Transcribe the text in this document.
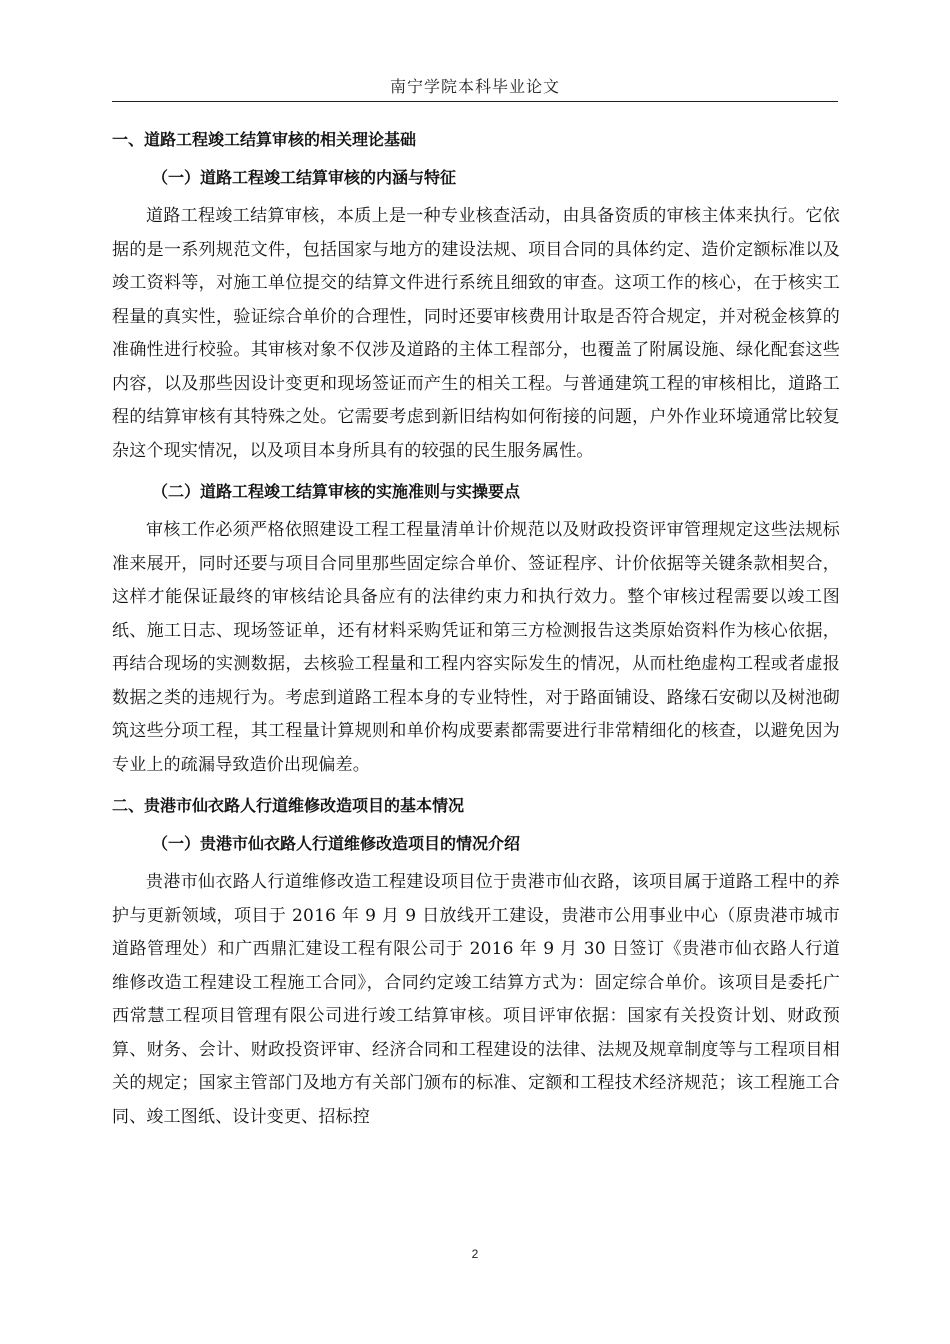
南宁学院本科毕业论文
一、道路工程竣工结算审核的相关理论基础
（一）道路工程竣工结算审核的内涵与特征

道路工程竣工结算审核，本质上是一种专业核查活动，由具备资质的审核主体来执行。它依据的是一系列规范文件，包括国家与地方的建设法规、项目合同的具体约定、造价定额标准以及竣工资料等，对施工单位提交的结算文件进行系统且细致的审查。这项工作的核心，在于核实工程量的真实性，验证综合单价的合理性，同时还要审核费用计取是否符合规定，并对税金核算的准确性进行校验。其审核对象不仅涉及道路的主体工程部分，也覆盖了附属设施、绿化配套这些内容，以及那些因设计变更和现场签证而产生的相关工程。与普通建筑工程的审核相比，道路工程的结算审核有其特殊之处。它需要考虑到新旧结构如何衔接的问题，户外作业环境通常比较复杂这个现实情况，以及项目本身所具有的较强的民生服务属性。

（二）道路工程竣工结算审核的实施准则与实操要点

审核工作必须严格依照建设工程工程量清单计价规范以及财政投资评审管理规定这些法规标准来展开，同时还要与项目合同里那些固定综合单价、签证程序、计价依据等关键条款相契合，这样才能保证最终的审核结论具备应有的法律约束力和执行效力。整个审核过程需要以竣工图纸、施工日志、现场签证单，还有材料采购凭证和第三方检测报告这类原始资料作为核心依据，再结合现场的实测数据，去核验工程量和工程内容实际发生的情况，从而杜绝虚构工程或者虚报数据之类的违规行为。考虑到道路工程本身的专业特性，对于路面铺设、路缘石安砌以及树池砌筑这些分项工程，其工程量计算规则和单价构成要素都需要进行非常精细化的核查，以避免因为专业上的疏漏导致造价出现偏差。

二、贵港市仙衣路人行道维修改造项目的基本情况
（一）贵港市仙衣路人行道维修改造项目的情况介绍

贵港市仙衣路人行道维修改造工程建设项目位于贵港市仙衣路，该项目属于道路工程中的养护与更新领域，项目于 2016 年 9 月 9 日放线开工建设，贵港市公用事业中心（原贵港市城市道路管理处）和广西鼎汇建设工程有限公司于 2016 年 9 月 30 日签订《贵港市仙衣路人行道维修改造工程建设工程施工合同》，合同约定竣工结算方式为：固定综合单价。该项目是委托广西常慧工程项目管理有限公司进行竣工结算审核。项目评审依据：国家有关投资计划、财政预算、财务、会计、财政投资评审、经济合同和工程建设的法律、法规及规章制度等与工程项目相关的规定；国家主管部门及地方有关部门颁布的标准、定额和工程技术经济规范；该工程施工合同、竣工图纸、设计变更、招标控

2
